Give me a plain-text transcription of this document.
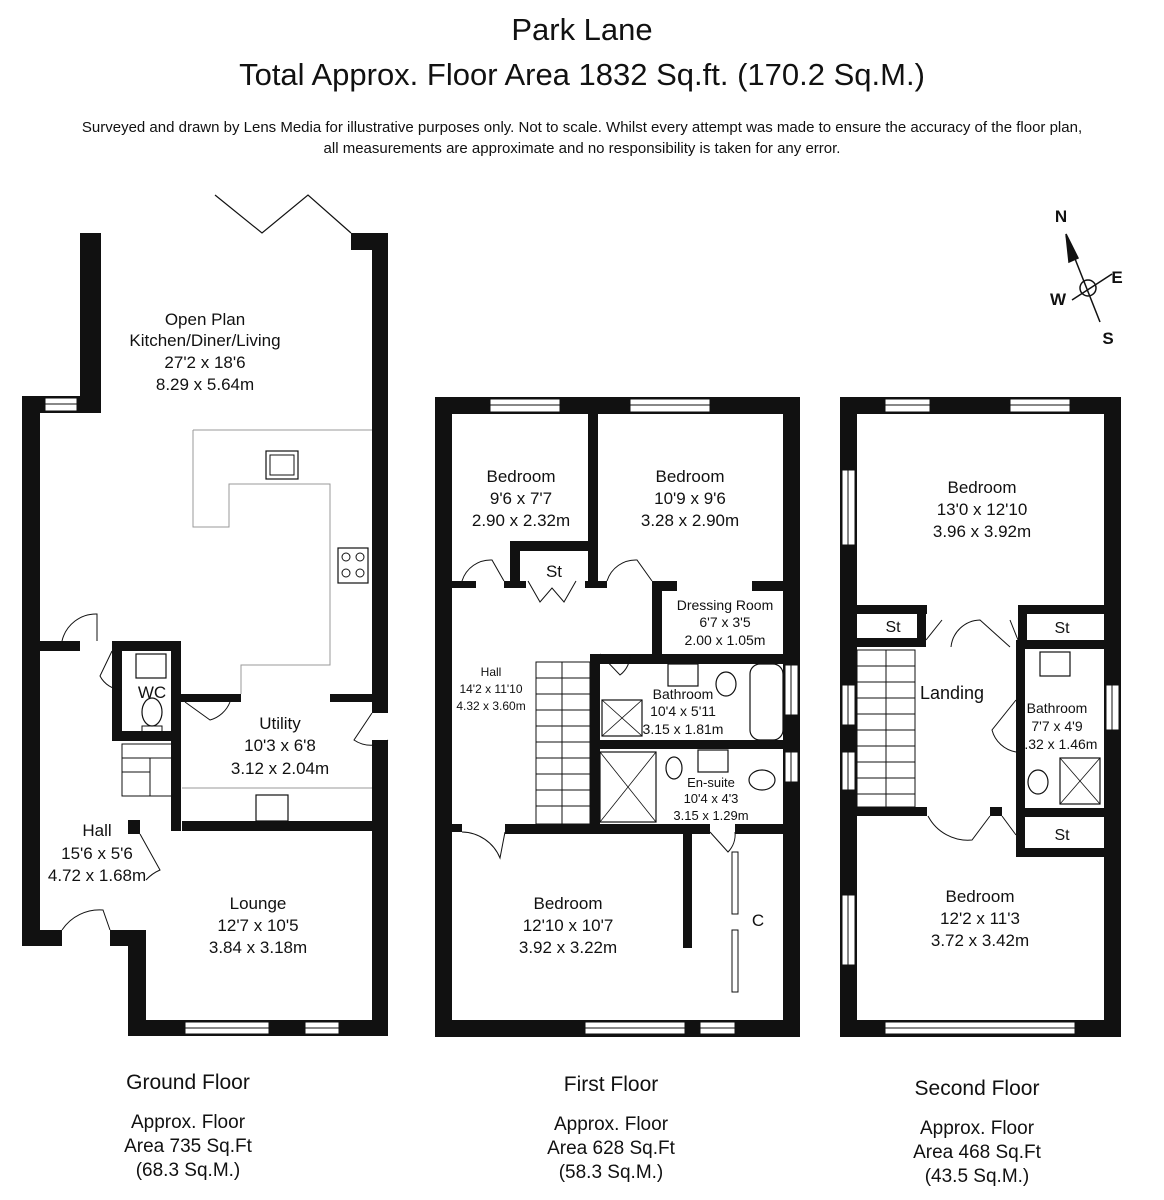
Park Lane
Total Approx. Floor Area 1832 Sq.ft. (170.2 Sq.M.)
Surveyed and drawn by Lens Media for illustrative purposes only. Not to scale. Whilst every attempt was made to ensure the accuracy of the floor plan,
all measurements are approximate and no responsibility is taken for any error.
N
E
S
W
Open Plan
Kitchen/Diner/Living
27'2 x 18'6
8.29 x 5.64m
WC
Utility
10'3 x 6'8
3.12 x 2.04m
Hall
15'6 x 5'6
4.72 x 1.68m
Lounge
12'7 x 10'5
3.84 x 3.18m
Bedroom
9'6 x 7'7
2.90 x 2.32m
Bedroom
10'9 x 9'6
3.28 x 2.90m
St
Dressing Room
6'7 x 3'5
2.00 x 1.05m
Hall
14'2 x 11'10
4.32 x 3.60m
Bathroom
10'4 x 5'11
3.15 x 1.81m
En-suite
10'4 x 4'3
3.15 x 1.29m
Bedroom
12'10 x 10'7
3.92 x 3.22m
C
Bedroom
13'0 x 12'10
3.96 x 3.92m
St	St
Landing
Bathroom
7'7 x 4'9
2.32 x 1.46m
St
Bedroom
12'2 x 11'3
3.72 x 3.42m
Ground Floor
Approx. Floor
Area 735 Sq.Ft
(68.3 Sq.M.)
First Floor
Approx. Floor
Area 628 Sq.Ft
(58.3 Sq.M.)
Second Floor
Approx. Floor
Area 468 Sq.Ft
(43.5 Sq.M.)
